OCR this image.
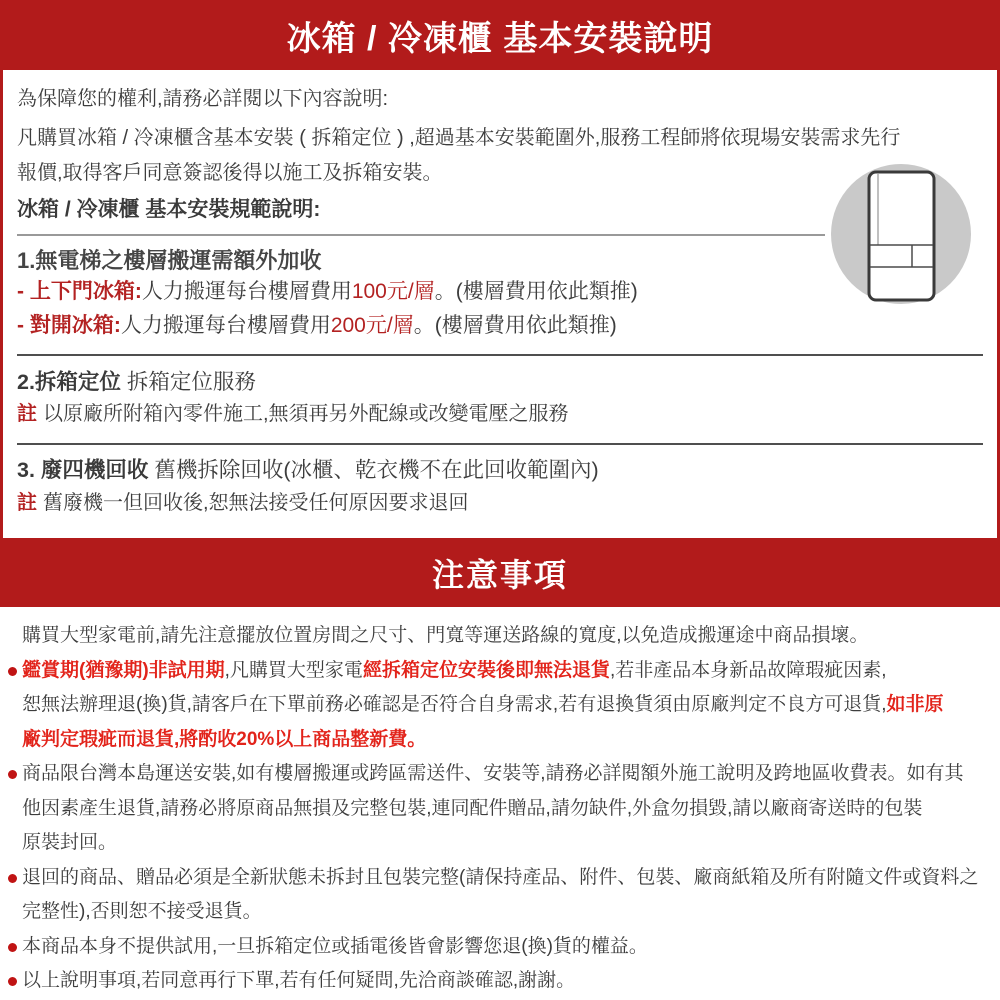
冰箱 / 冷凍櫃 基本安裝說明
為保障您的權利,請務必詳閱以下內容說明:
凡購買冰箱 / 冷凍櫃含基本安裝 ( 拆箱定位 ) ,超過基本安裝範圍外,服務工程師將依現場安裝需求先行
報價,取得客戶同意簽認後得以施工及拆箱安裝。
冰箱 / 冷凍櫃 基本安裝規範說明:
1.無電梯之樓層搬運需額外加收
- 上下門冰箱:人力搬運每台樓層費用100元/層。(樓層費用依此類推)
- 對開冰箱:人力搬運每台樓層費用200元/層。(樓層費用依此類推)
2.拆箱定位 拆箱定位服務
註 以原廠所附箱內零件施工,無須再另外配線或改變電壓之服務
3. 廢四機回收 舊機拆除回收(冰櫃、乾衣機不在此回收範圍內)
註 舊廢機一但回收後,恕無法接受任何原因要求退回
注意事項
購買大型家電前,請先注意擺放位置房間之尺寸、門寬等運送路線的寬度,以免造成搬運途中商品損壞。
鑑賞期(猶豫期)非試用期,凡購買大型家電經拆箱定位安裝後即無法退貨,若非產品本身新品故障瑕疵因素,
恕無法辦理退(換)貨,請客戶在下單前務必確認是否符合自身需求,若有退換貨須由原廠判定不良方可退貨,如非原
廠判定瑕疵而退貨,將酌收20%以上商品整新費。
商品限台灣本島運送安裝,如有樓層搬運或跨區需送件、安裝等,請務必詳閱額外施工說明及跨地區收費表。如有其
他因素產生退貨,請務必將原商品無損及完整包裝,連同配件贈品,請勿缺件,外盒勿損毀,請以廠商寄送時的包裝
原裝封回。
退回的商品、贈品必須是全新狀態未拆封且包裝完整(請保持產品、附件、包裝、廠商紙箱及所有附隨文件或資料之
完整性),否則恕不接受退貨。
本商品本身不提供試用,一旦拆箱定位或插電後皆會影響您退(換)貨的權益。
以上說明事項,若同意再行下單,若有任何疑問,先洽商談確認,謝謝。
